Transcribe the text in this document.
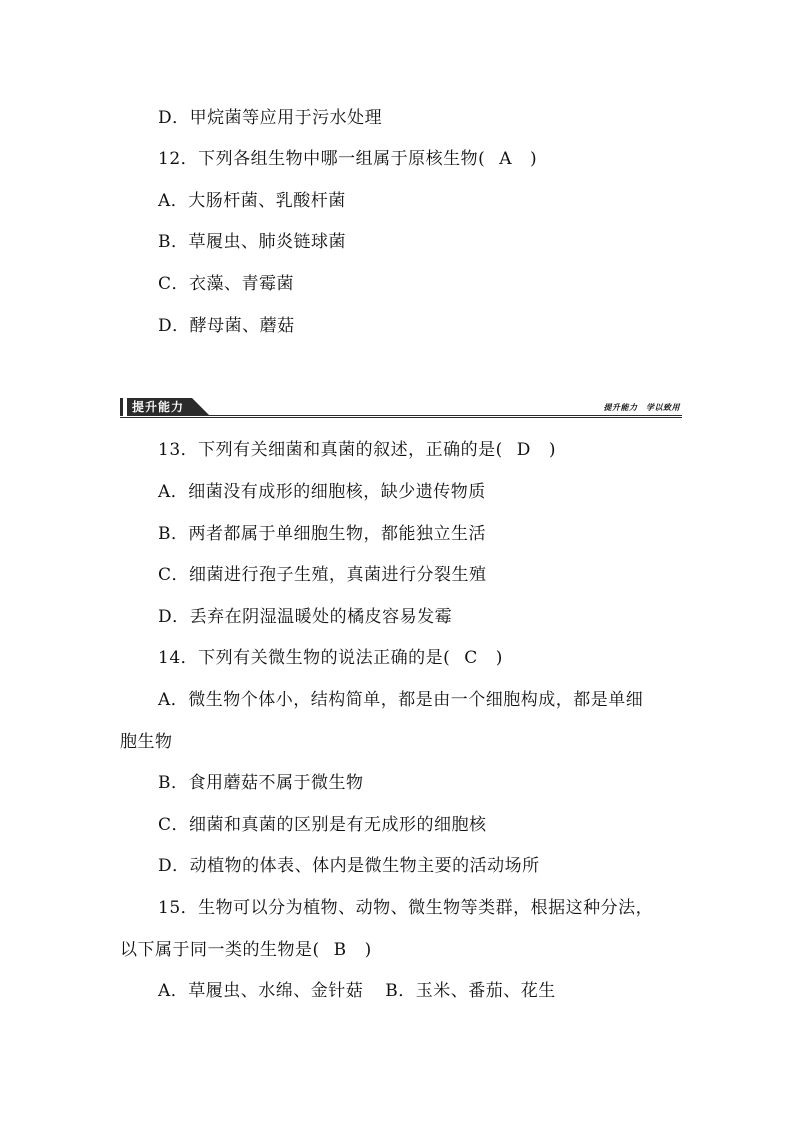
D．甲烷菌等应用于污水处理
12．下列各组生物中哪一组属于原核生物( A )
A．大肠杆菌、乳酸杆菌
B．草履虫、肺炎链球菌
C．衣藻、青霉菌
D．酵母菌、蘑菇
提升能力	提升能力　学以致用
13．下列有关细菌和真菌的叙述，正确的是( D )
A．细菌没有成形的细胞核，缺少遗传物质
B．两者都属于单细胞生物，都能独立生活
C．细菌进行孢子生殖，真菌进行分裂生殖
D．丢弃在阴湿温暖处的橘皮容易发霉
14．下列有关微生物的说法正确的是( C )
A．微生物个体小，结构简单，都是由一个细胞构成，都是单细
胞生物
B．食用蘑菇不属于微生物
C．细菌和真菌的区别是有无成形的细胞核
D．动植物的体表、体内是微生物主要的活动场所
15．生物可以分为植物、动物、微生物等类群，根据这种分法，
以下属于同一类的生物是( B )
A．草履虫、水绵、金针菇 B．玉米、番茄、花生
